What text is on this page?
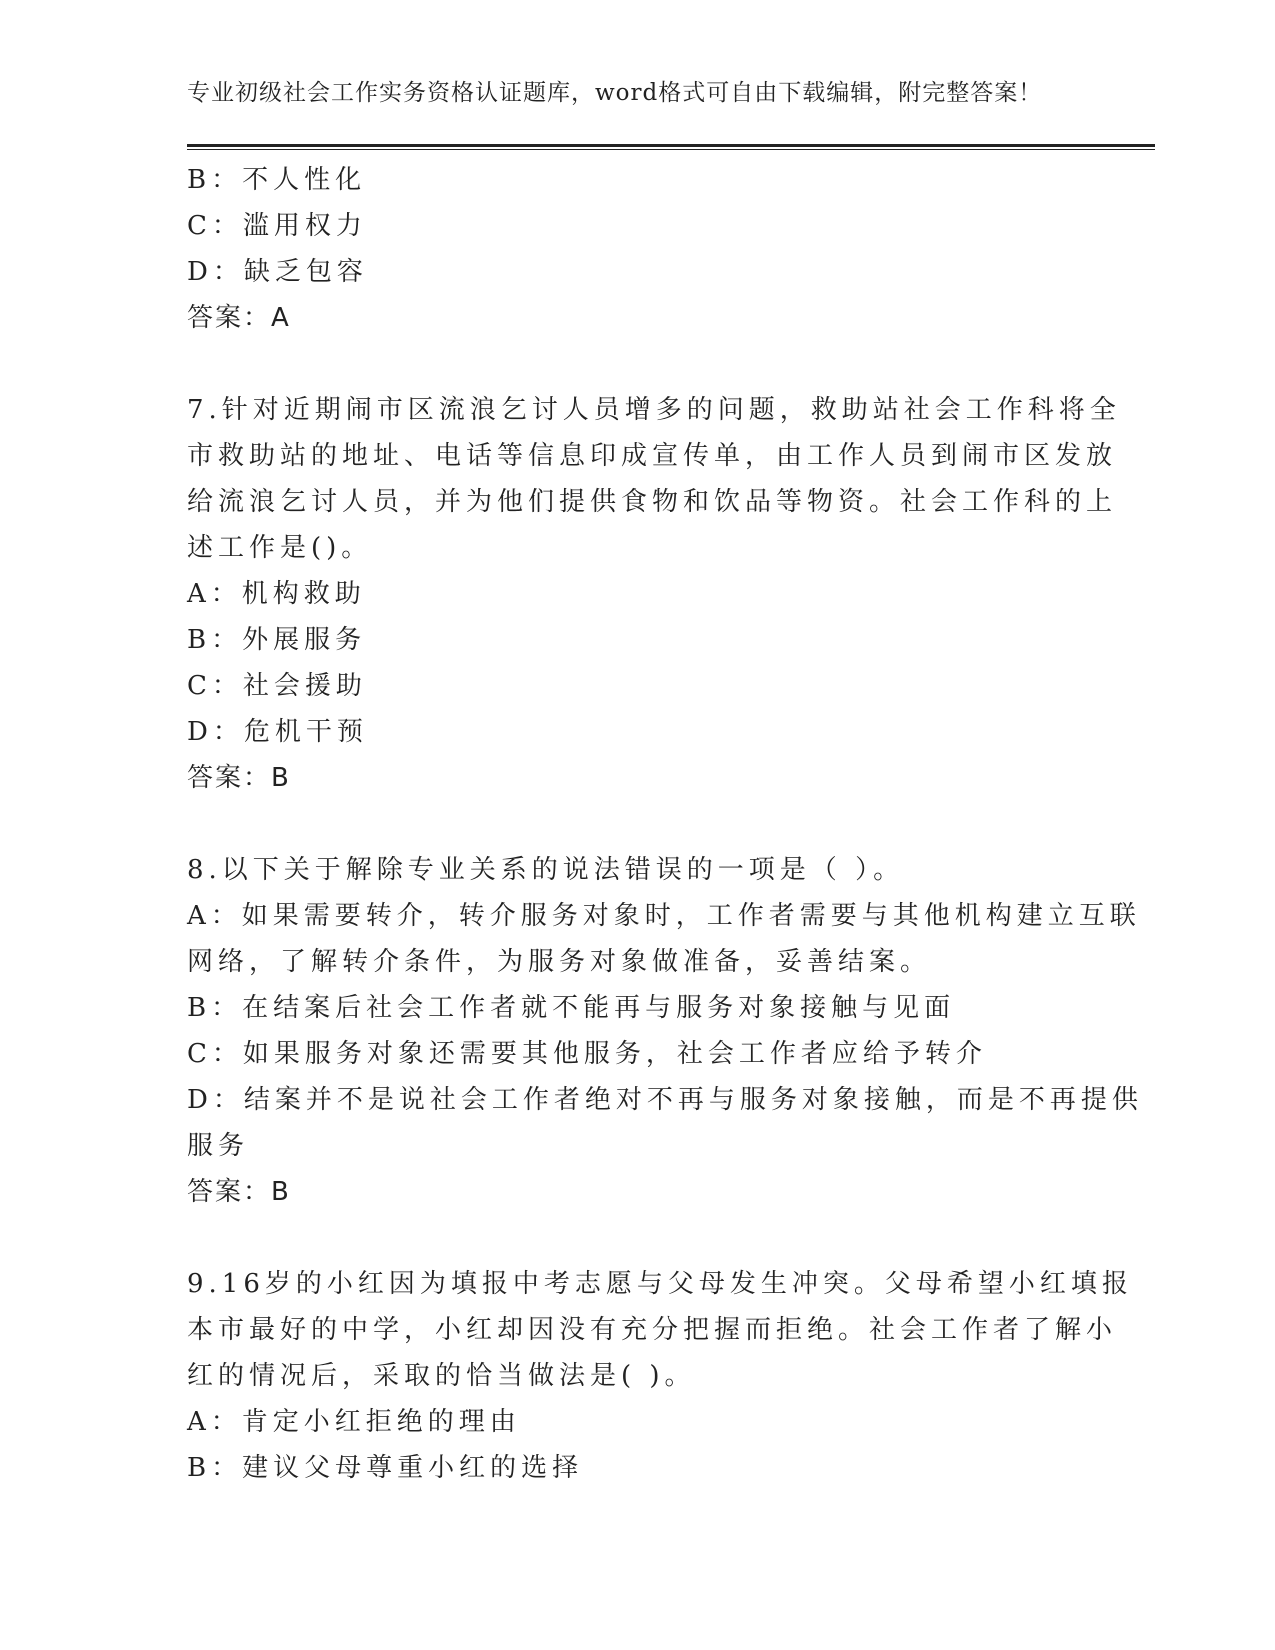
专业初级社会工作实务资格认证题库，word格式可自由下载编辑，附完整答案！
B：不人性化
C：滥用权力
D：缺乏包容
答案：A
7.针对近期闹市区流浪乞讨人员增多的问题，救助站社会工作科将全
市救助站的地址、电话等信息印成宣传单，由工作人员到闹市区发放
给流浪乞讨人员，并为他们提供食物和饮品等物资。社会工作科的上
述工作是()。
A：机构救助
B：外展服务
C：社会援助
D：危机干预
答案：B
8.以下关于解除专业关系的说法错误的一项是（ ）。
A：如果需要转介，转介服务对象时，工作者需要与其他机构建立互联
网络，了解转介条件，为服务对象做准备，妥善结案。
B：在结案后社会工作者就不能再与服务对象接触与见面
C：如果服务对象还需要其他服务，社会工作者应给予转介
D：结案并不是说社会工作者绝对不再与服务对象接触，而是不再提供
服务
答案：B
9.16岁的小红因为填报中考志愿与父母发生冲突。父母希望小红填报
本市最好的中学，小红却因没有充分把握而拒绝。社会工作者了解小
红的情况后，采取的恰当做法是( )。
A：肯定小红拒绝的理由
B：建议父母尊重小红的选择
